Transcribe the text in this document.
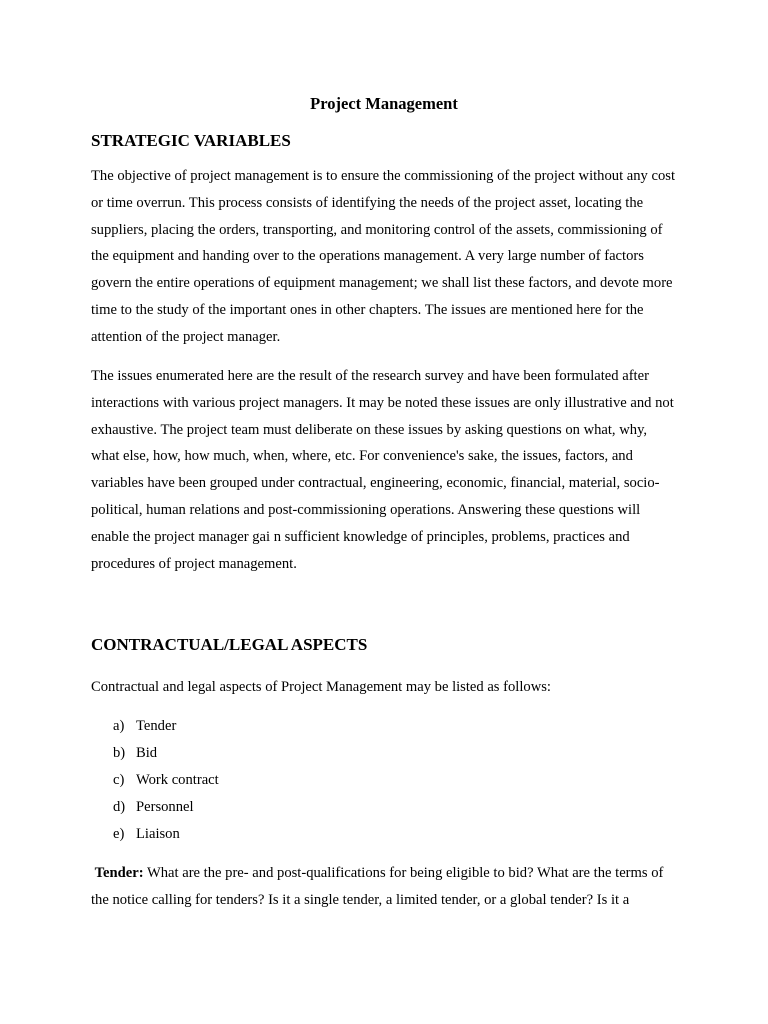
Project Management
STRATEGIC VARIABLES

The objective of project management is to ensure the commissioning of the project without any cost or time overrun. This process consists of identifying the needs of the project asset, locating the suppliers, placing the orders, transporting, and monitoring control of the assets, commissioning of the equipment and handing over to the operations management. A very large number of factors govern the entire operations of equipment management; we shall list these factors, and devote more time to the study of the important ones in other chapters. The issues are mentioned here for the attention of the project manager.

The issues enumerated here are the result of the research survey and have been formulated after interactions with various project managers. It may be noted these issues are only illustrative and not exhaustive. The project team must deliberate on these issues by asking questions on what, why, what else, how, how much, when, where, etc. For convenience's sake, the issues, factors, and variables have been grouped under contractual, engineering, economic, financial, material, socio-political, human relations and post-commissioning operations. Answering these questions will enable the project manager gai n sufficient knowledge of principles, problems, practices and procedures of project management.

CONTRACTUAL/LEGAL ASPECTS

Contractual and legal aspects of Project Management may be listed as follows:

a) Tender
b) Bid
c) Work contract
d) Personnel
e) Liaison

Tender: What are the pre- and post-qualifications for being eligible to bid? What are the terms of the notice calling for tenders? Is it a single tender, a limited tender, or a global tender? Is it a
